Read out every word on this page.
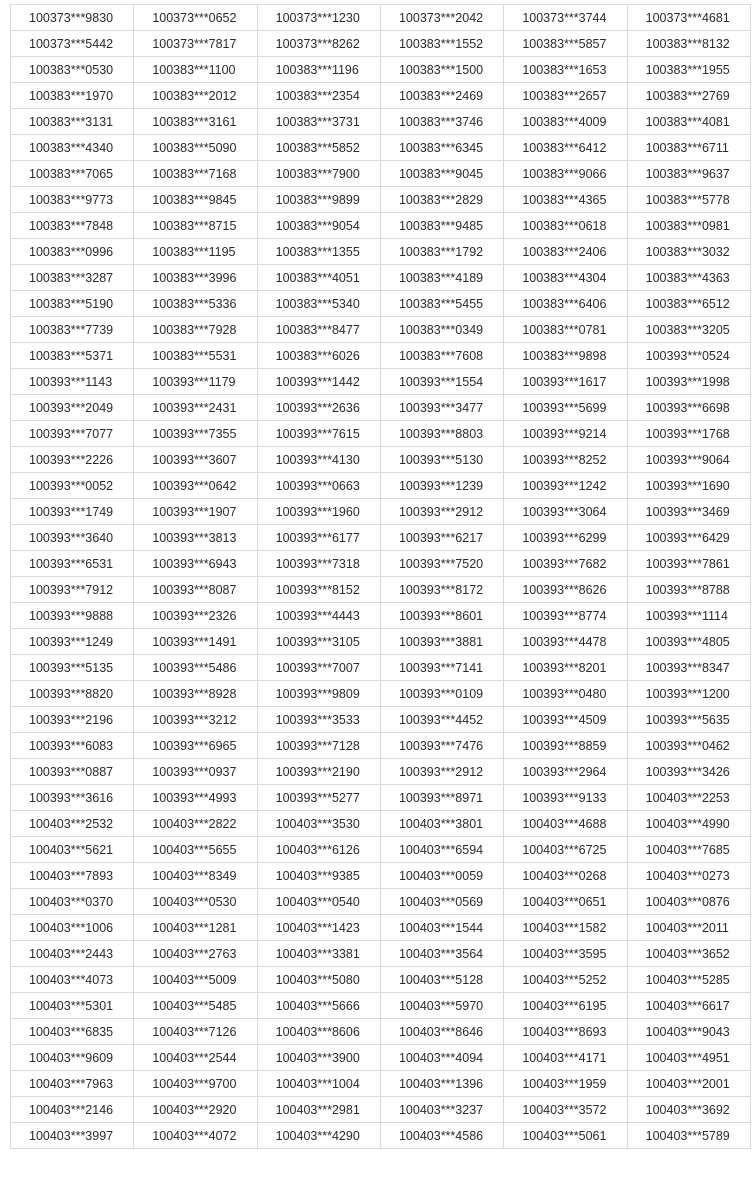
100373***9830	100373***0652	100373***1230	100373***2042	100373***3744	100373***4681
100373***5442	100373***7817	100373***8262	100383***1552	100383***5857	100383***8132
100383***0530	100383***1100	100383***1196	100383***1500	100383***1653	100383***1955
100383***1970	100383***2012	100383***2354	100383***2469	100383***2657	100383***2769
100383***3131	100383***3161	100383***3731	100383***3746	100383***4009	100383***4081
100383***4340	100383***5090	100383***5852	100383***6345	100383***6412	100383***6711
100383***7065	100383***7168	100383***7900	100383***9045	100383***9066	100383***9637
100383***9773	100383***9845	100383***9899	100383***2829	100383***4365	100383***5778
100383***7848	100383***8715	100383***9054	100383***9485	100383***0618	100383***0981
100383***0996	100383***1195	100383***1355	100383***1792	100383***2406	100383***3032
100383***3287	100383***3996	100383***4051	100383***4189	100383***4304	100383***4363
100383***5190	100383***5336	100383***5340	100383***5455	100383***6406	100383***6512
100383***7739	100383***7928	100383***8477	100383***0349	100383***0781	100383***3205
100383***5371	100383***5531	100383***6026	100383***7608	100383***9898	100393***0524
100393***1143	100393***1179	100393***1442	100393***1554	100393***1617	100393***1998
100393***2049	100393***2431	100393***2636	100393***3477	100393***5699	100393***6698
100393***7077	100393***7355	100393***7615	100393***8803	100393***9214	100393***1768
100393***2226	100393***3607	100393***4130	100393***5130	100393***8252	100393***9064
100393***0052	100393***0642	100393***0663	100393***1239	100393***1242	100393***1690
100393***1749	100393***1907	100393***1960	100393***2912	100393***3064	100393***3469
100393***3640	100393***3813	100393***6177	100393***6217	100393***6299	100393***6429
100393***6531	100393***6943	100393***7318	100393***7520	100393***7682	100393***7861
100393***7912	100393***8087	100393***8152	100393***8172	100393***8626	100393***8788
100393***9888	100393***2326	100393***4443	100393***8601	100393***8774	100393***1114
100393***1249	100393***1491	100393***3105	100393***3881	100393***4478	100393***4805
100393***5135	100393***5486	100393***7007	100393***7141	100393***8201	100393***8347
100393***8820	100393***8928	100393***9809	100393***0109	100393***0480	100393***1200
100393***2196	100393***3212	100393***3533	100393***4452	100393***4509	100393***5635
100393***6083	100393***6965	100393***7128	100393***7476	100393***8859	100393***0462
100393***0887	100393***0937	100393***2190	100393***2912	100393***2964	100393***3426
100393***3616	100393***4993	100393***5277	100393***8971	100393***9133	100403***2253
100403***2532	100403***2822	100403***3530	100403***3801	100403***4688	100403***4990
100403***5621	100403***5655	100403***6126	100403***6594	100403***6725	100403***7685
100403***7893	100403***8349	100403***9385	100403***0059	100403***0268	100403***0273
100403***0370	100403***0530	100403***0540	100403***0569	100403***0651	100403***0876
100403***1006	100403***1281	100403***1423	100403***1544	100403***1582	100403***2011
100403***2443	100403***2763	100403***3381	100403***3564	100403***3595	100403***3652
100403***4073	100403***5009	100403***5080	100403***5128	100403***5252	100403***5285
100403***5301	100403***5485	100403***5666	100403***5970	100403***6195	100403***6617
100403***6835	100403***7126	100403***8606	100403***8646	100403***8693	100403***9043
100403***9609	100403***2544	100403***3900	100403***4094	100403***4171	100403***4951
100403***7963	100403***9700	100403***1004	100403***1396	100403***1959	100403***2001
100403***2146	100403***2920	100403***2981	100403***3237	100403***3572	100403***3692
100403***3997	100403***4072	100403***4290	100403***4586	100403***5061	100403***5789
